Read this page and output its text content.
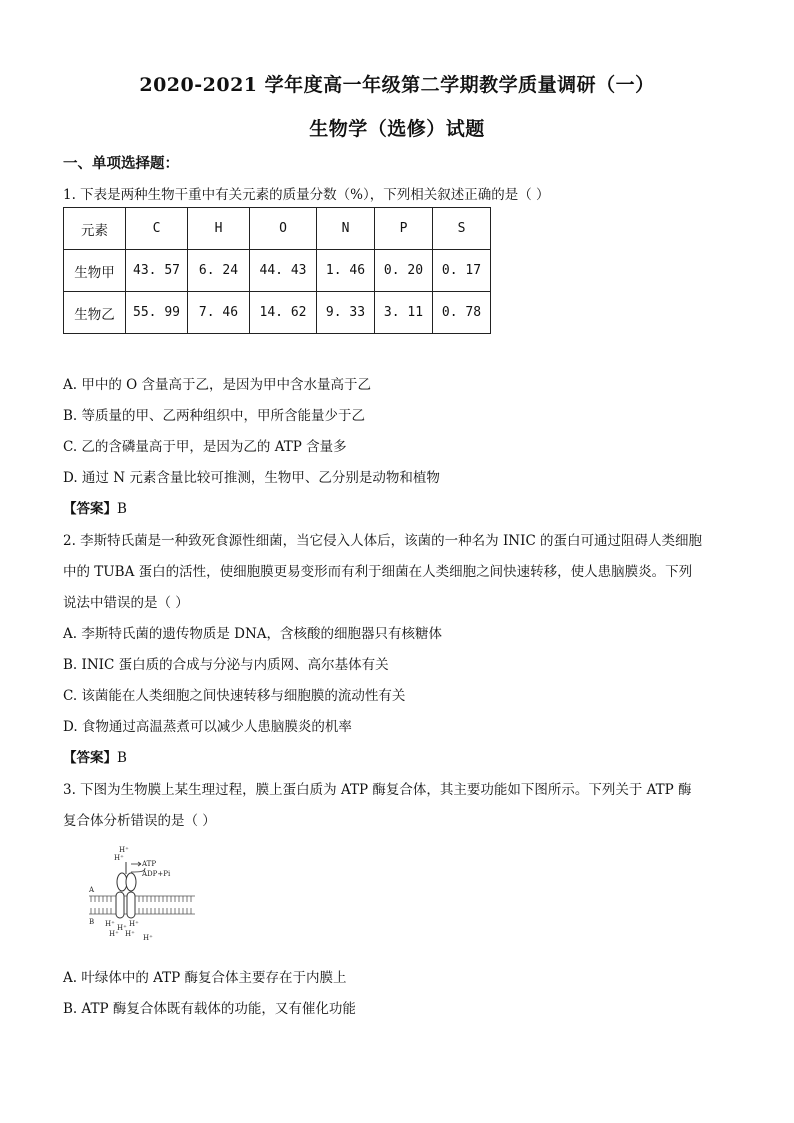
2020-2021 学年度高一年级第二学期教学质量调研（一）
生物学（选修）试题
一、单项选择题：
1. 下表是两种生物干重中有关元素的质量分数（%），下列相关叙述正确的是（ ）
元素	C	H	O	N	P	S
生物甲	43. 57	6. 24	44. 43	1. 46	0. 20	0. 17
生物乙	55. 99	7. 46	14. 62	9. 33	3. 11	0. 78
A. 甲中的 O 含量高于乙，是因为甲中含水量高于乙
B. 等质量的甲、乙两种组织中，甲所含能量少于乙
C. 乙的含磷量高于甲，是因为乙的 ATP 含量多
D. 通过 N 元素含量比较可推测，生物甲、乙分别是动物和植物
【答案】B
2. 李斯特氏菌是一种致死食源性细菌，当它侵入人体后，该菌的一种名为 INIC 的蛋白可通过阻碍人类细胞
中的 TUBA 蛋白的活性，使细胞膜更易变形而有利于细菌在人类细胞之间快速转移，使人患脑膜炎。下列
说法中错误的是（ ）
A. 李斯特氏菌的遗传物质是 DNA，含核酸的细胞器只有核糖体
B. INIC 蛋白质的合成与分泌与内质网、高尔基体有关
C. 该菌能在人类细胞之间快速转移与细胞膜的流动性有关
D. 食物通过高温蒸煮可以减少人患脑膜炎的机率
【答案】B
3. 下图为生物膜上某生理过程，膜上蛋白质为 ATP 酶复合体，其主要功能如下图所示。下列关于 ATP 酶
复合体分析错误的是（ ）
H⁺
H⁺
ATP
ADP+Pi
A
B H⁺ H⁺ H⁺
H⁺ H⁺ H⁺
A. 叶绿体中的 ATP 酶复合体主要存在于内膜上
B. ATP 酶复合体既有载体的功能，又有催化功能
